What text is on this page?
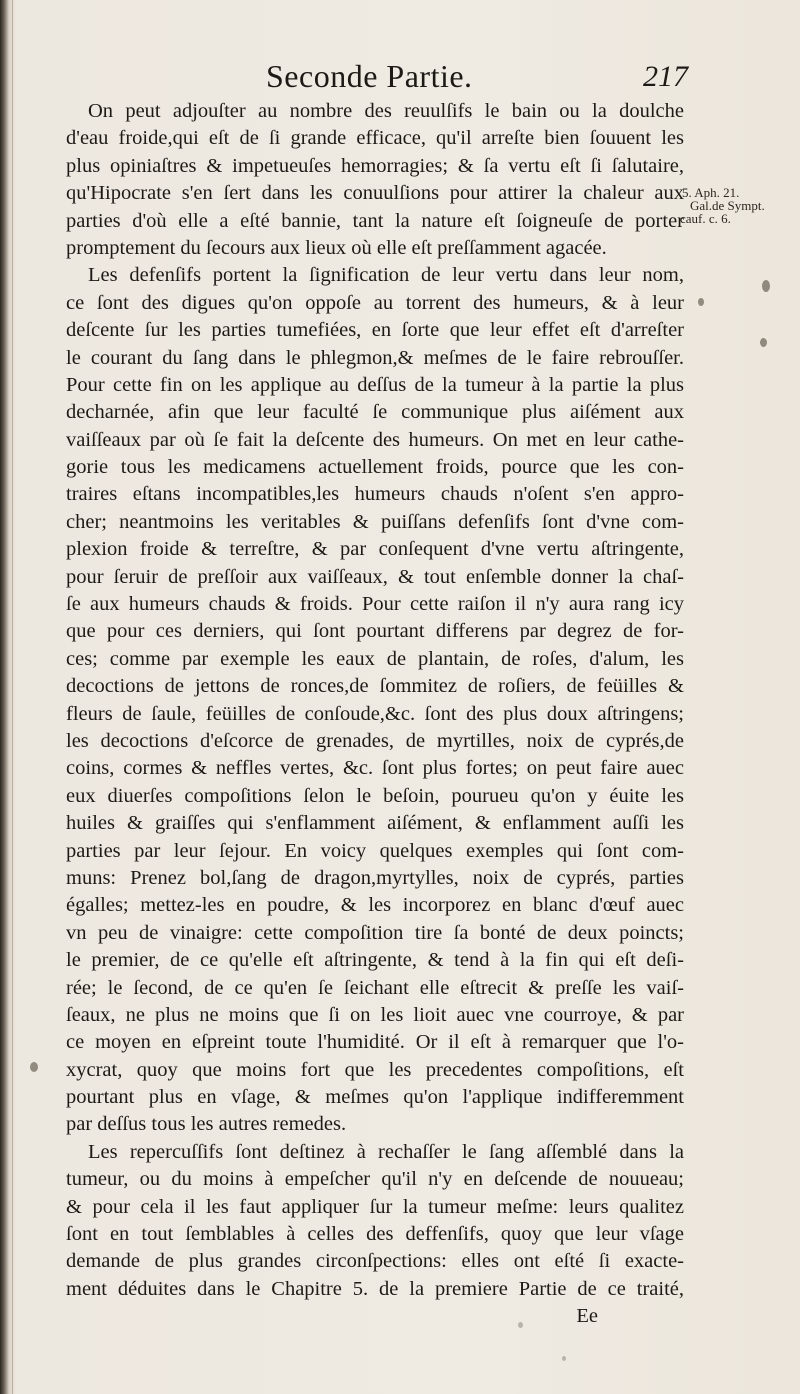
Seconde Partie.	217
On peut adjouſter au nombre des reuulſifs le bain ou la doulche
d'eau froide,qui eſt de ſi grande efficace, qu'il arreſte bien ſouuent les
plus opiniaſtres & impetueuſes hemorragies; & ſa vertu eſt ſi ſalutaire,
qu'Hipocrate s'en ſert dans les conuulſions pour attirer la chaleur aux
parties d'où elle a eſté bannie, tant la nature eſt ſoigneuſe de porter
promptement du ſecours aux lieux où elle eſt preſſamment agacée.
Les defenſifs portent la ſignification de leur vertu dans leur nom,
ce ſont des digues qu'on oppoſe au torrent des humeurs, & à leur
deſcente ſur les parties tumefiées, en ſorte que leur effet eſt d'arreſter
le courant du ſang dans le phlegmon,& meſmes de le faire rebrouſſer.
Pour cette fin on les applique au deſſus de la tumeur à la partie la plus
decharnée, afin que leur faculté ſe communique plus aiſément aux
vaiſſeaux par où ſe fait la deſcente des humeurs. On met en leur cathe-
gorie tous les medicamens actuellement froids, pource que les con-
traires eſtans incompatibles,les humeurs chauds n'oſent s'en appro-
cher; neantmoins les veritables & puiſſans defenſifs ſont d'vne com-
plexion froide & terreſtre, & par conſequent d'vne vertu aſtringente,
pour ſeruir de preſſoir aux vaiſſeaux, & tout enſemble donner la chaſ-
ſe aux humeurs chauds & froids. Pour cette raiſon il n'y aura rang icy
que pour ces derniers, qui ſont pourtant differens par degrez de for-
ces; comme par exemple les eaux de plantain, de roſes, d'alum, les
decoctions de jettons de ronces,de ſommitez de roſiers, de feüilles &
fleurs de ſaule, feüilles de conſoude,&c. ſont des plus doux aſtringens;
les decoctions d'eſcorce de grenades, de myrtilles, noix de cyprés,de
coins, cormes & neffles vertes, &c. ſont plus fortes; on peut faire auec
eux diuerſes compoſitions ſelon le beſoin, pourueu qu'on y éuite les
huiles & graiſſes qui s'enflamment aiſément, & enflamment auſſi les
parties par leur ſejour. En voicy quelques exemples qui ſont com-
muns: Prenez bol,ſang de dragon,myrtylles, noix de cyprés, parties
égalles; mettez-les en poudre, & les incorporez en blanc d'œuf auec
vn peu de vinaigre: cette compoſition tire ſa bonté de deux poincts;
le premier, de ce qu'elle eſt aſtringente, & tend à la fin qui eſt deſi-
rée; le ſecond, de ce qu'en ſe ſeichant elle eſtrecit & preſſe les vaiſ-
ſeaux, ne plus ne moins que ſi on les lioit auec vne courroye, & par
ce moyen en eſpreint toute l'humidité. Or il eſt à remarquer que l'o-
xycrat, quoy que moins fort que les precedentes compoſitions, eſt
pourtant plus en vſage, & meſmes qu'on l'applique indifferemment
par deſſus tous les autres remedes.
Les repercuſſifs ſont deſtinez à rechaſſer le ſang aſſemblé dans la
tumeur, ou du moins à empeſcher qu'il n'y en deſcende de nouueau;
& pour cela il les faut appliquer ſur la tumeur meſme: leurs qualitez
ſont en tout ſemblables à celles des deffenſifs, quoy que leur vſage
demande de plus grandes circonſpections: elles ont eſté ſi exacte-
ment déduites dans le Chapitre 5. de la premiere Partie de ce traité,
Ee
5. Aph. 21.
Gal.de Sympt.
cauf. c. 6.
